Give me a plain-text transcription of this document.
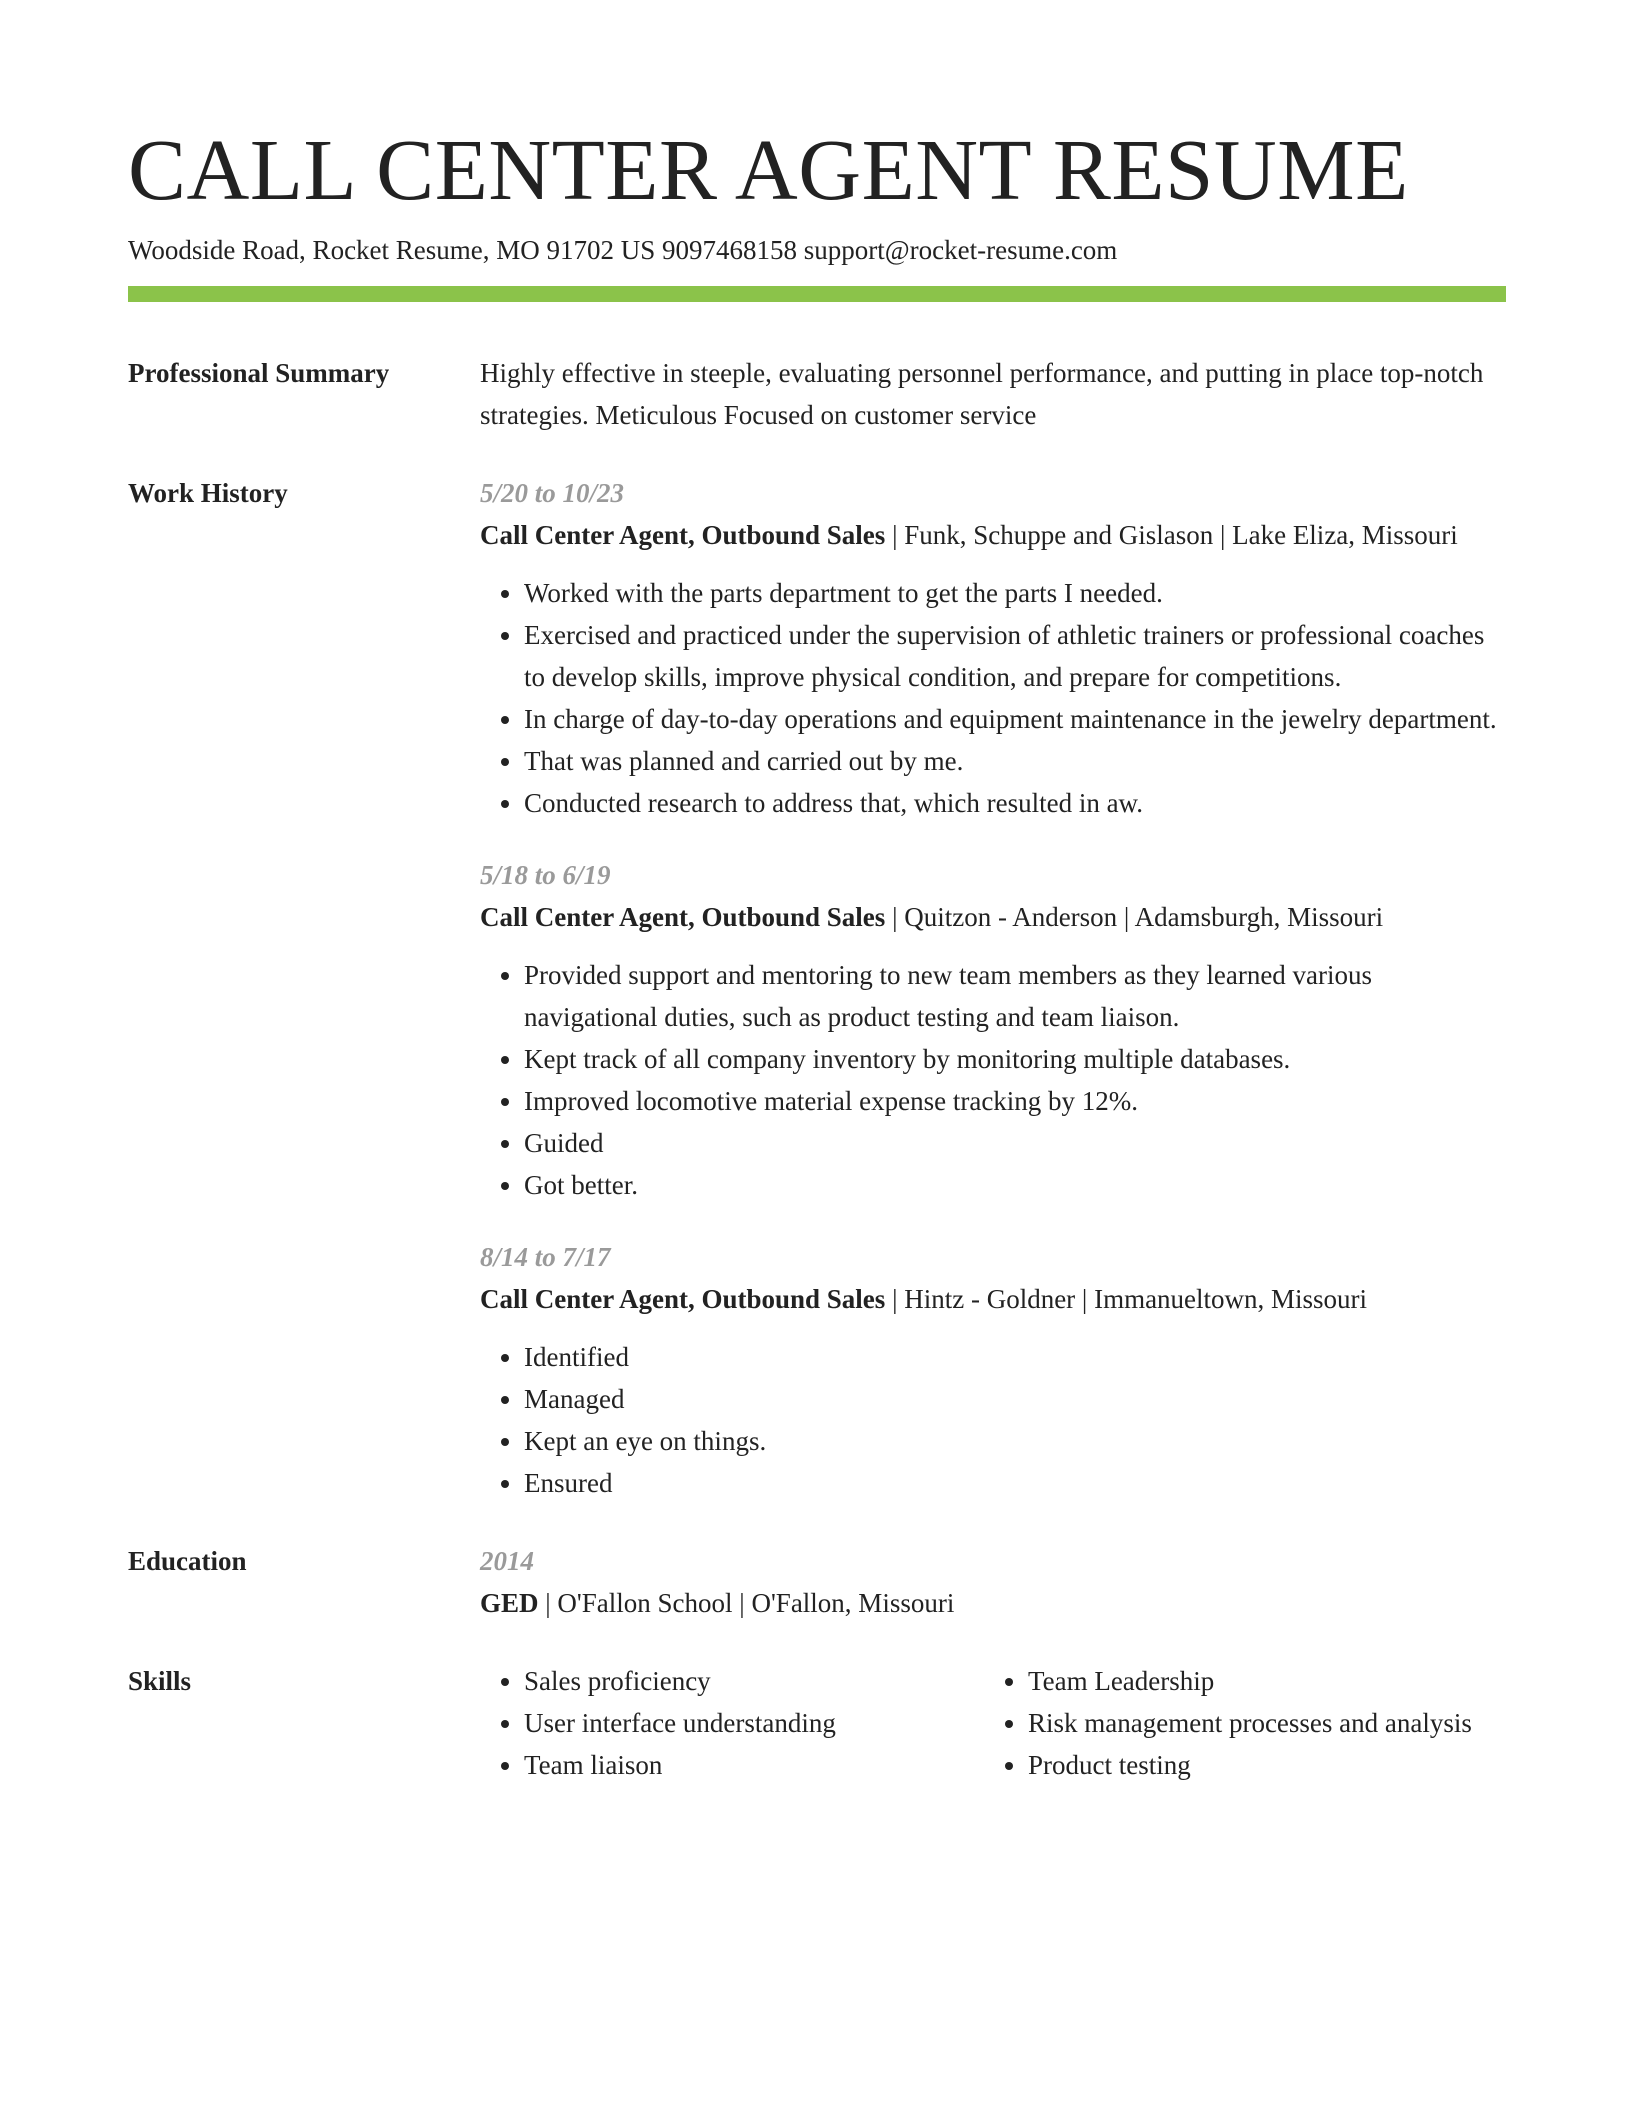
CALL CENTER AGENT RESUME
Woodside Road, Rocket Resume, MO 91702 US 9097468158 support@rocket-resume.com
Professional Summary	Highly effective in steeple, evaluating personnel performance, and putting in place top-notch strategies. Meticulous Focused on customer service
Work History	5/20 to 10/23
Call Center Agent, Outbound Sales | Funk, Schuppe and Gislason | Lake Eliza, Missouri
• Worked with the parts department to get the parts I needed.
• Exercised and practiced under the supervision of athletic trainers or professional coaches to develop skills, improve physical condition, and prepare for competitions.
• In charge of day-to-day operations and equipment maintenance in the jewelry department.
• That was planned and carried out by me.
• Conducted research to address that, which resulted in aw.
5/18 to 6/19
Call Center Agent, Outbound Sales | Quitzon - Anderson | Adamsburgh, Missouri
• Provided support and mentoring to new team members as they learned various navigational duties, such as product testing and team liaison.
• Kept track of all company inventory by monitoring multiple databases.
• Improved locomotive material expense tracking by 12%.
• Guided
• Got better.
8/14 to 7/17
Call Center Agent, Outbound Sales | Hintz - Goldner | Immanueltown, Missouri
• Identified
• Managed
• Kept an eye on things.
• Ensured
Education	2014
GED | O'Fallon School | O'Fallon, Missouri
Skills
•	Sales proficiency
• User interface understanding
• Team liaison
• Team Leadership
• Risk management processes and analysis
• Product testing
